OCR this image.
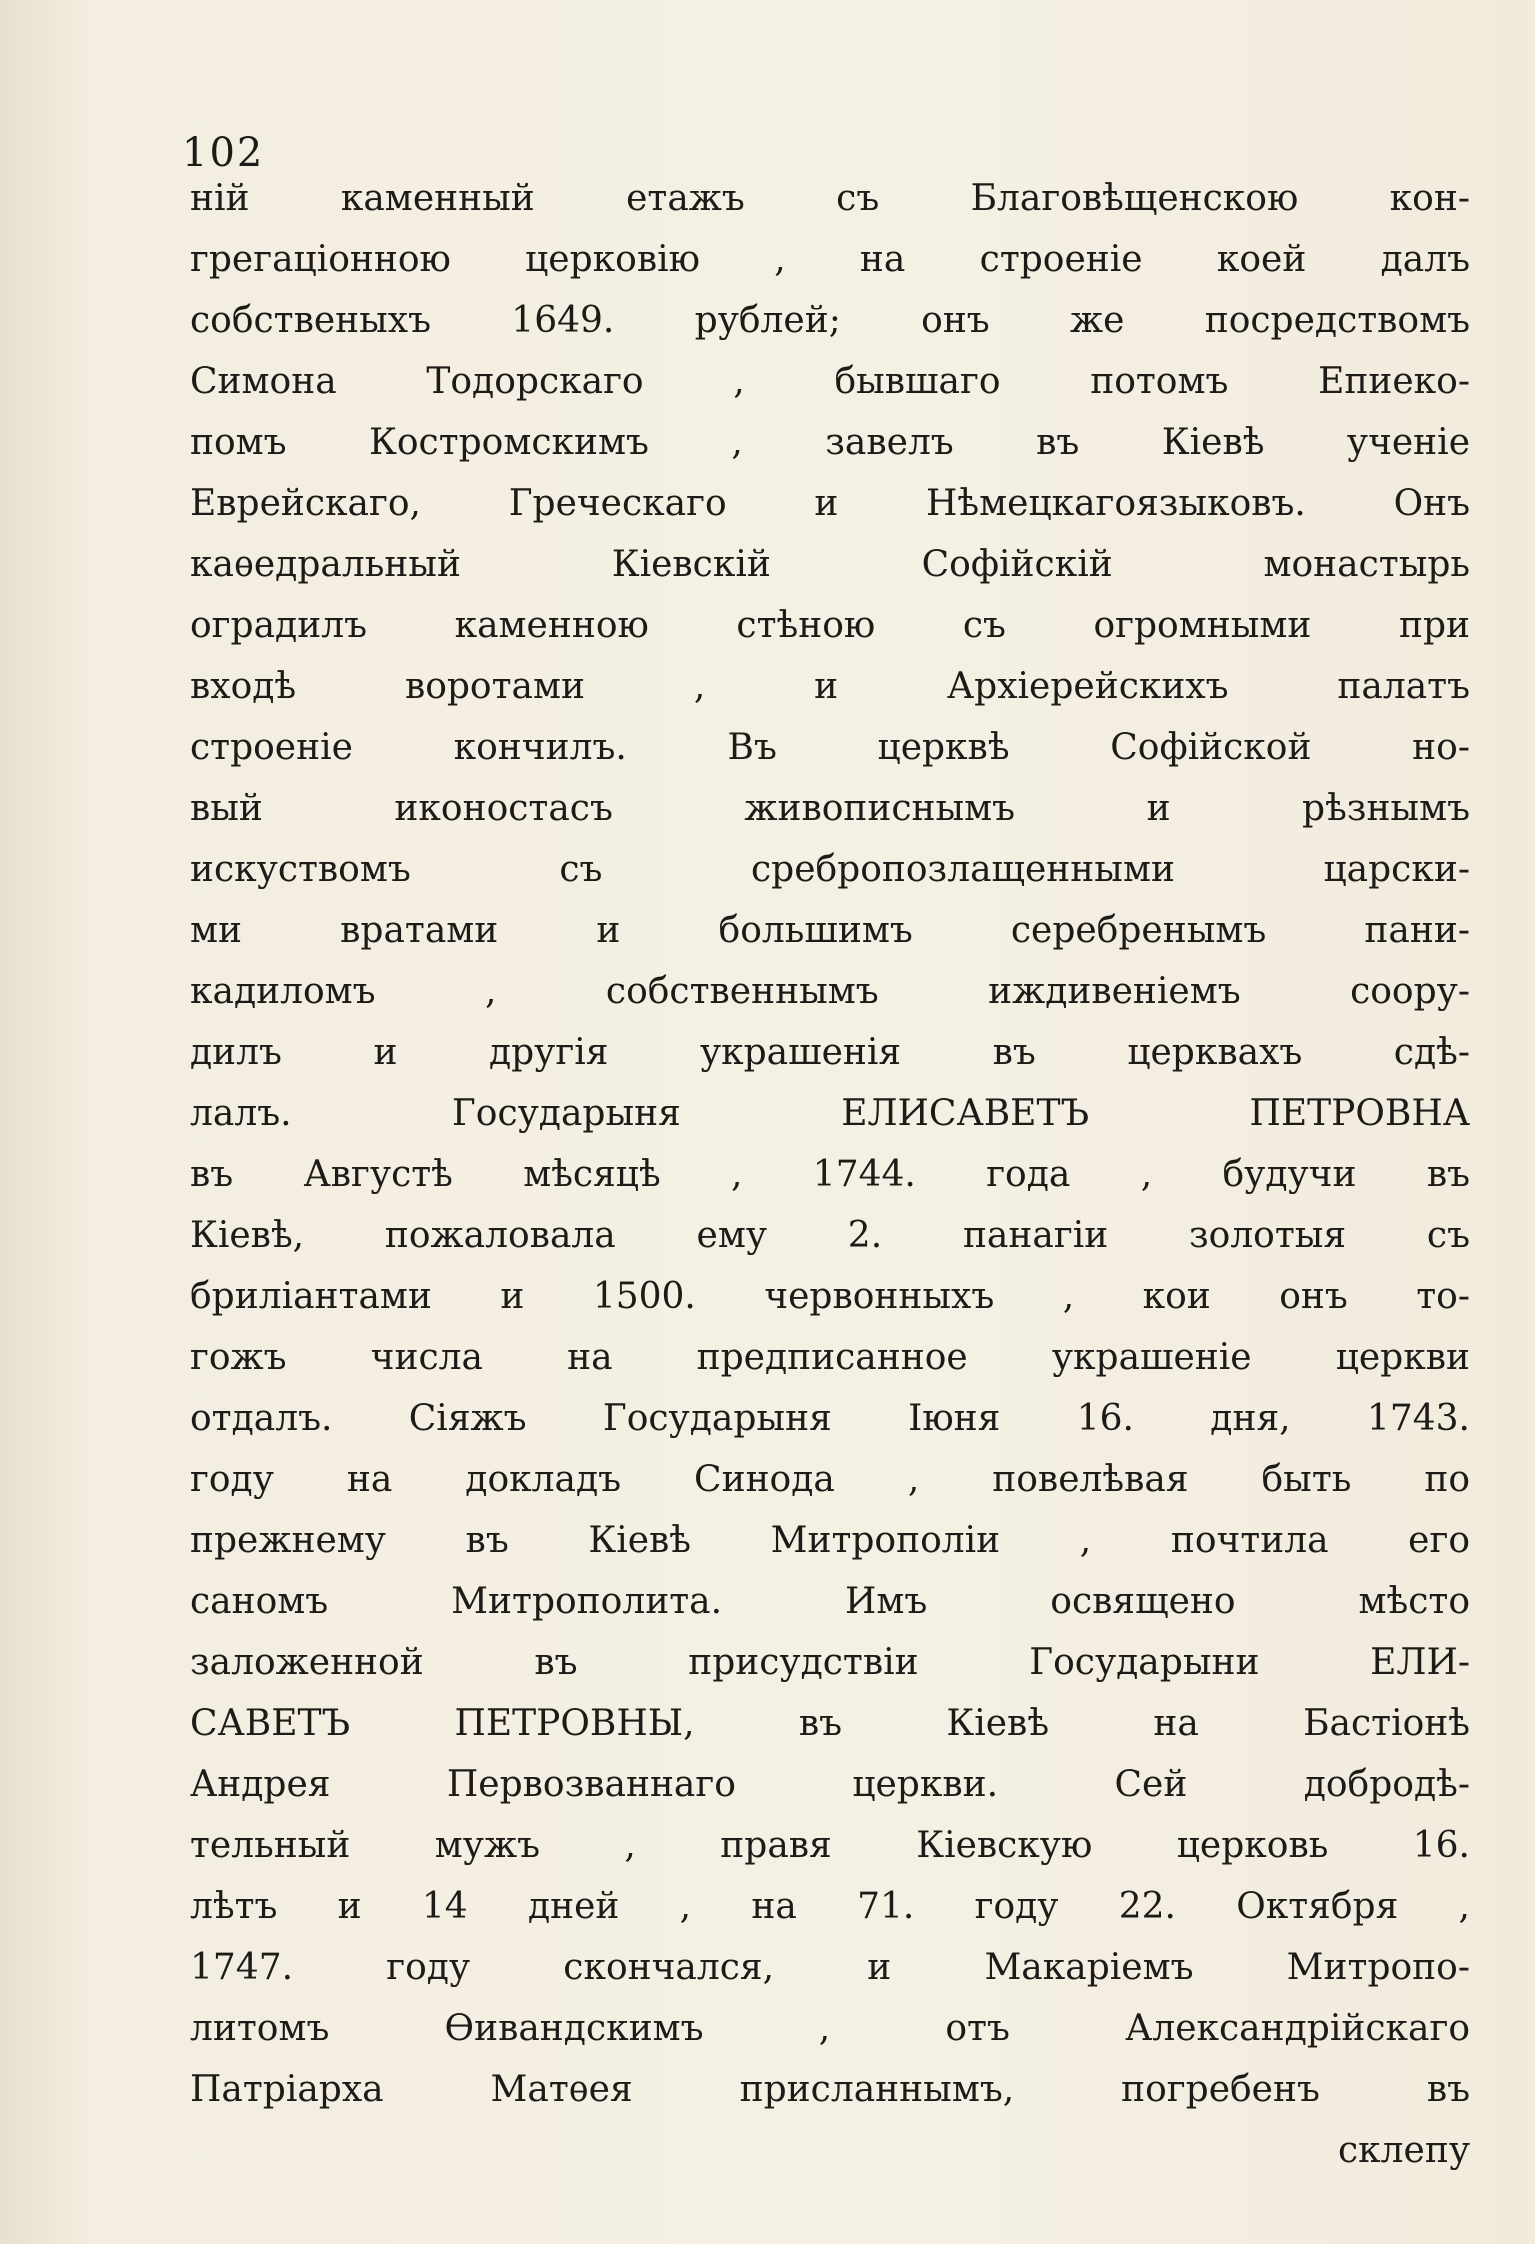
102
ній каменный етажъ съ Благовѣщенскою кон-
грегаціонною церковію , на строеніе коей далъ
собственыхъ 1649. рублей; онъ же посредствомъ
Симона Тодорскаго , бывшаго потомъ Епиеко-
помъ Костромскимъ , завелъ въ Кіевѣ ученіе
Еврейскаго, Греческаго и Нѣмецкагоязыковъ. Онъ
каѳедральный Кіевскій Софійскій монастырь
оградилъ каменною стѣною съ огромными при
входѣ воротами , и Архіерейскихъ палатъ
строеніе кончилъ. Въ церквѣ Софійской но-
вый иконостасъ живописнымъ и рѣзнымъ
искуствомъ съ сребропозлащенными царски-
ми вратами и большимъ серебренымъ пани-
кадиломъ , собственнымъ иждивеніемъ соору-
дилъ и другія украшенія въ церквахъ сдѣ-
лалъ. Государыня ЕЛИСАВЕТЪ ПЕТРОВНА
въ Августѣ мѣсяцѣ , 1744. года , будучи въ
Кіевѣ, пожаловала ему 2. панагіи золотыя съ
бриліантами и 1500. червонныхъ , кои онъ то-
гожъ числа на предписанное украшеніе церкви
отдалъ. Сіяжъ Государыня Іюня 16. дня, 1743.
году на докладъ Синода , повелѣвая быть по
прежнему въ Кіевѣ Митрополіи , почтила его
саномъ Митрополита. Имъ освящено мѣсто
заложенной въ присудствіи Государыни ЕЛИ-
САВЕТЪ ПЕТРОВНЫ, въ Кіевѣ на Бастіонѣ
Андрея Первозваннаго церкви. Сей добродѣ-
тельный мужъ , правя Кіевскую церковь 16.
лѣтъ и 14 дней , на 71. году 22. Октября ,
1747. году скончался, и Макаріемъ Митропо-
литомъ Ѳивандскимъ , отъ Александрійскаго
Патріарха Матѳея присланнымъ, погребенъ въ
склепу
